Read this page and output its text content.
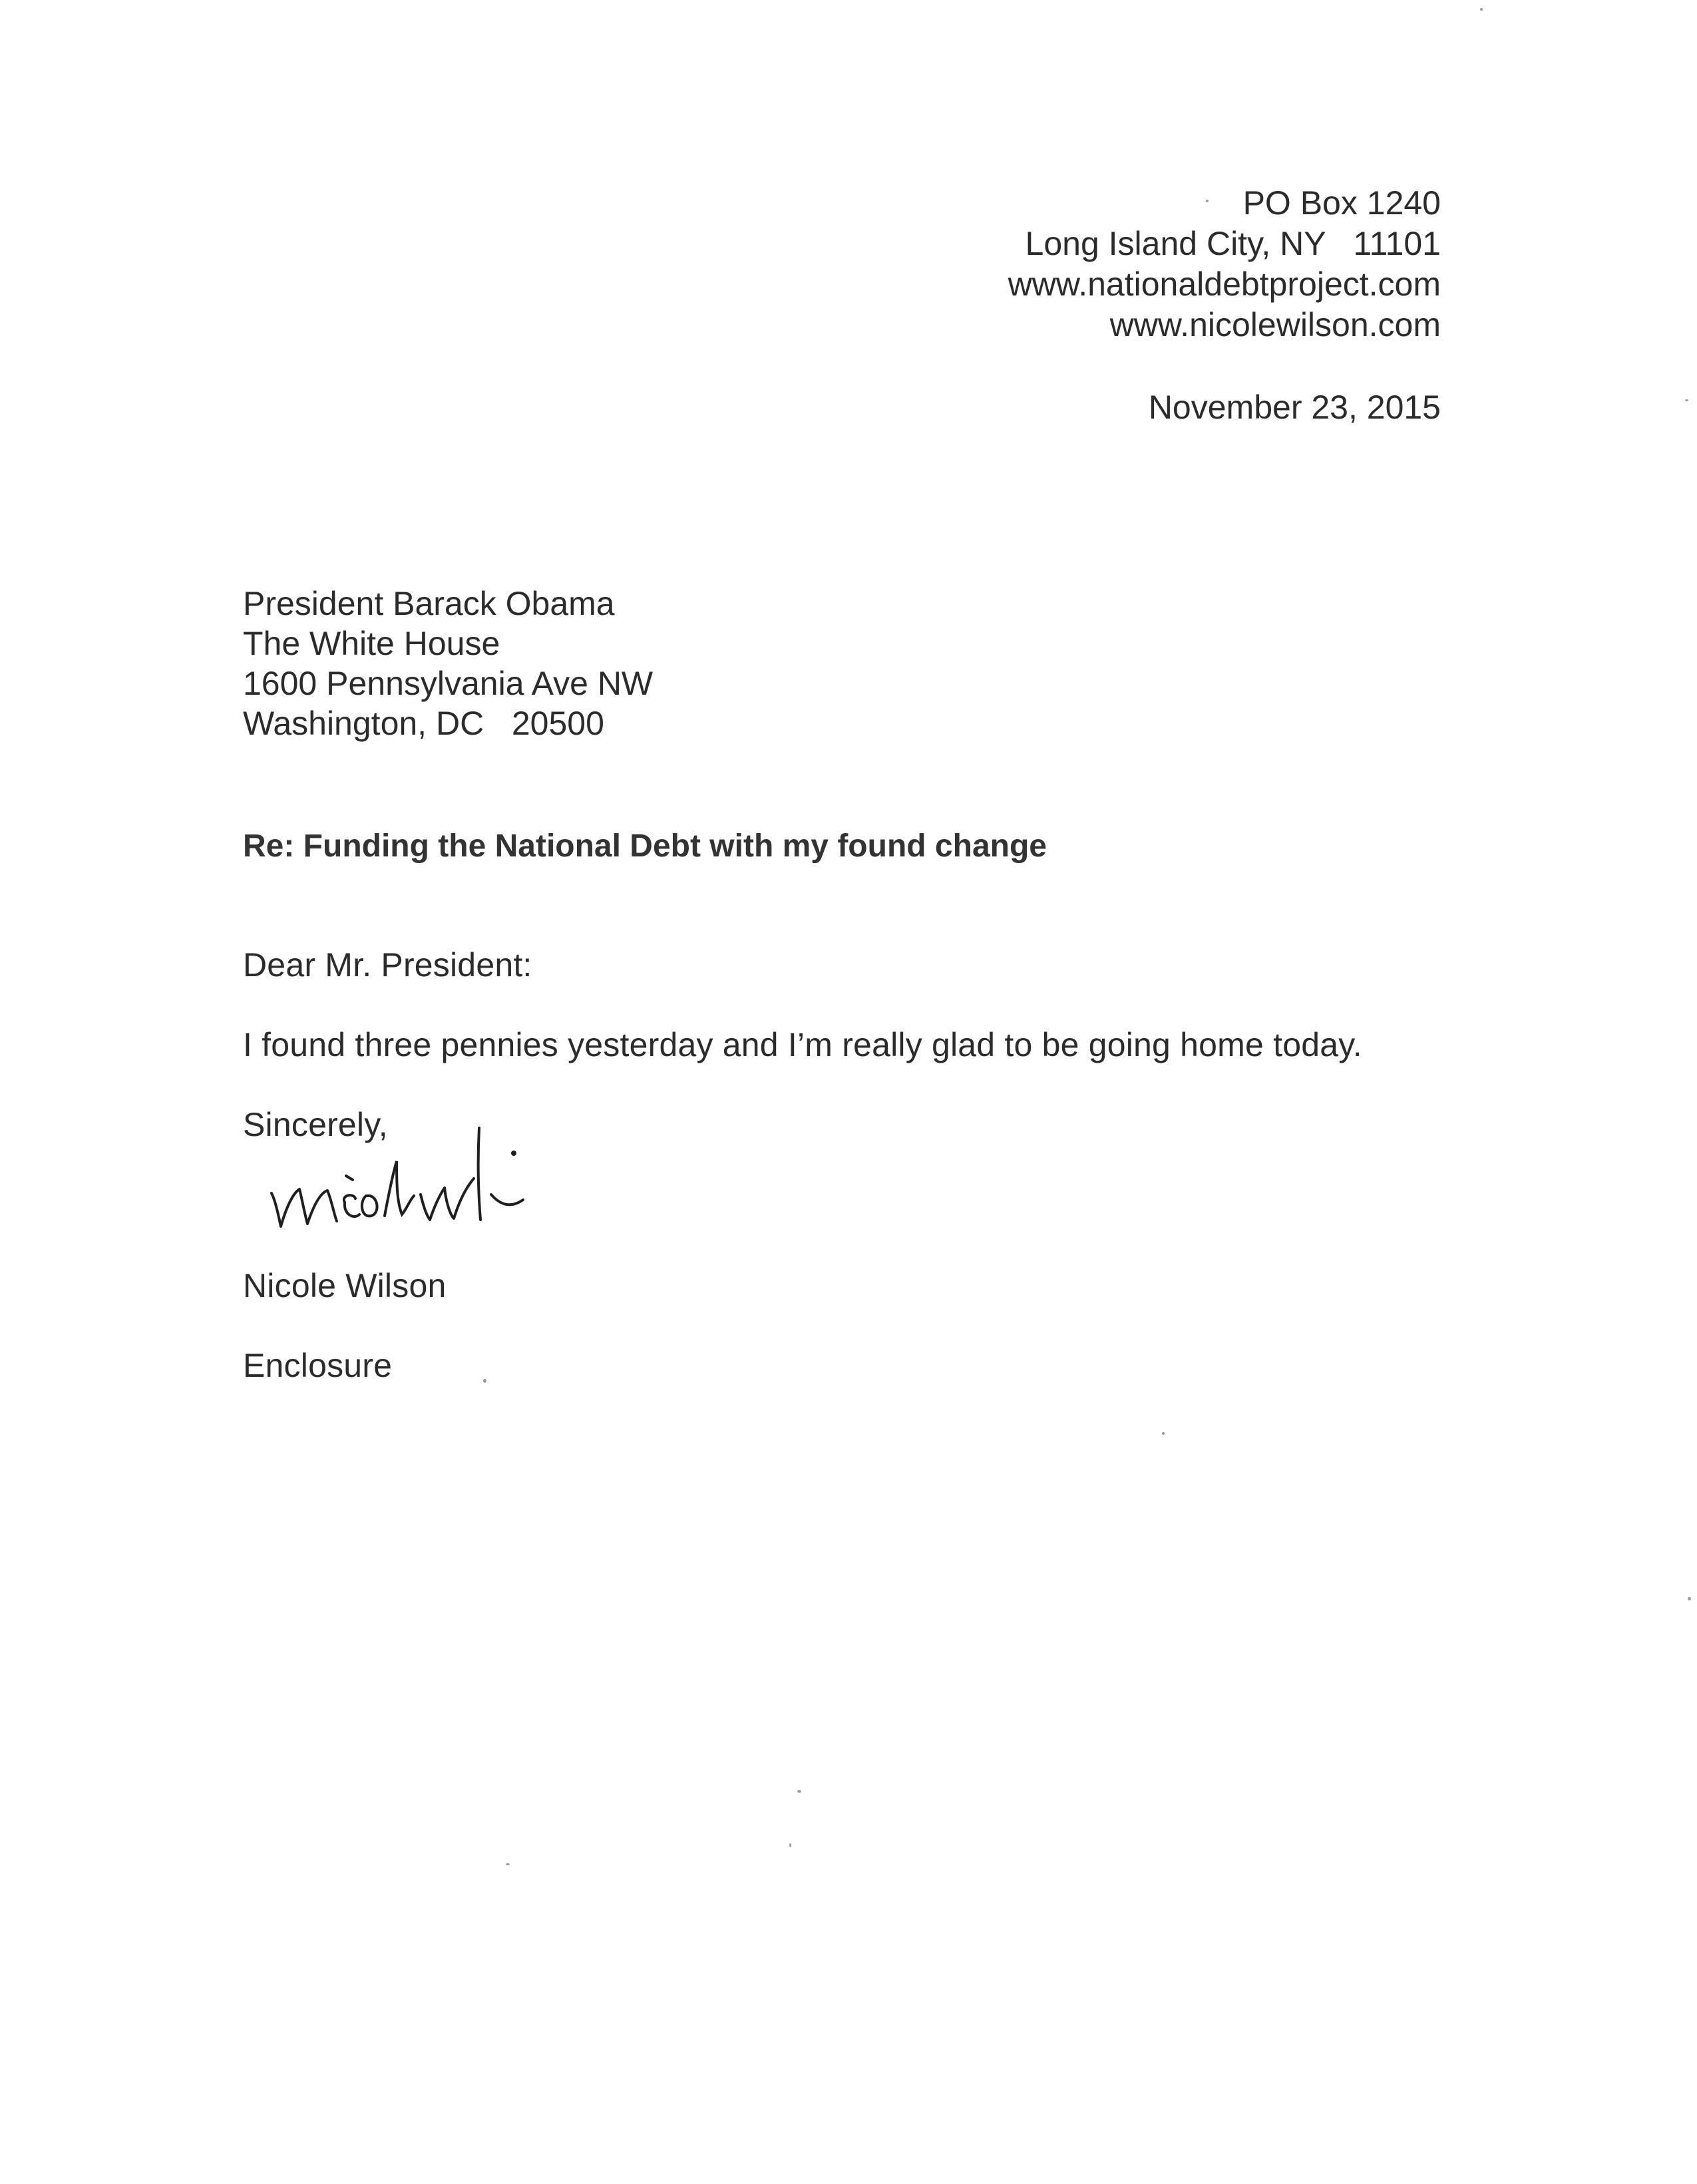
PO Box 1240
Long Island City, NY   11101
www.nationaldebtproject.com
www.nicolewilson.com
November 23, 2015
President Barack Obama
The White House
1600 Pennsylvania Ave NW
Washington, DC   20500
Re: Funding the National Debt with my found change
Dear Mr. President:
I found three pennies yesterday and I’m really glad to be going home today.
Sincerely,
Nicole Wilson
Enclosure
